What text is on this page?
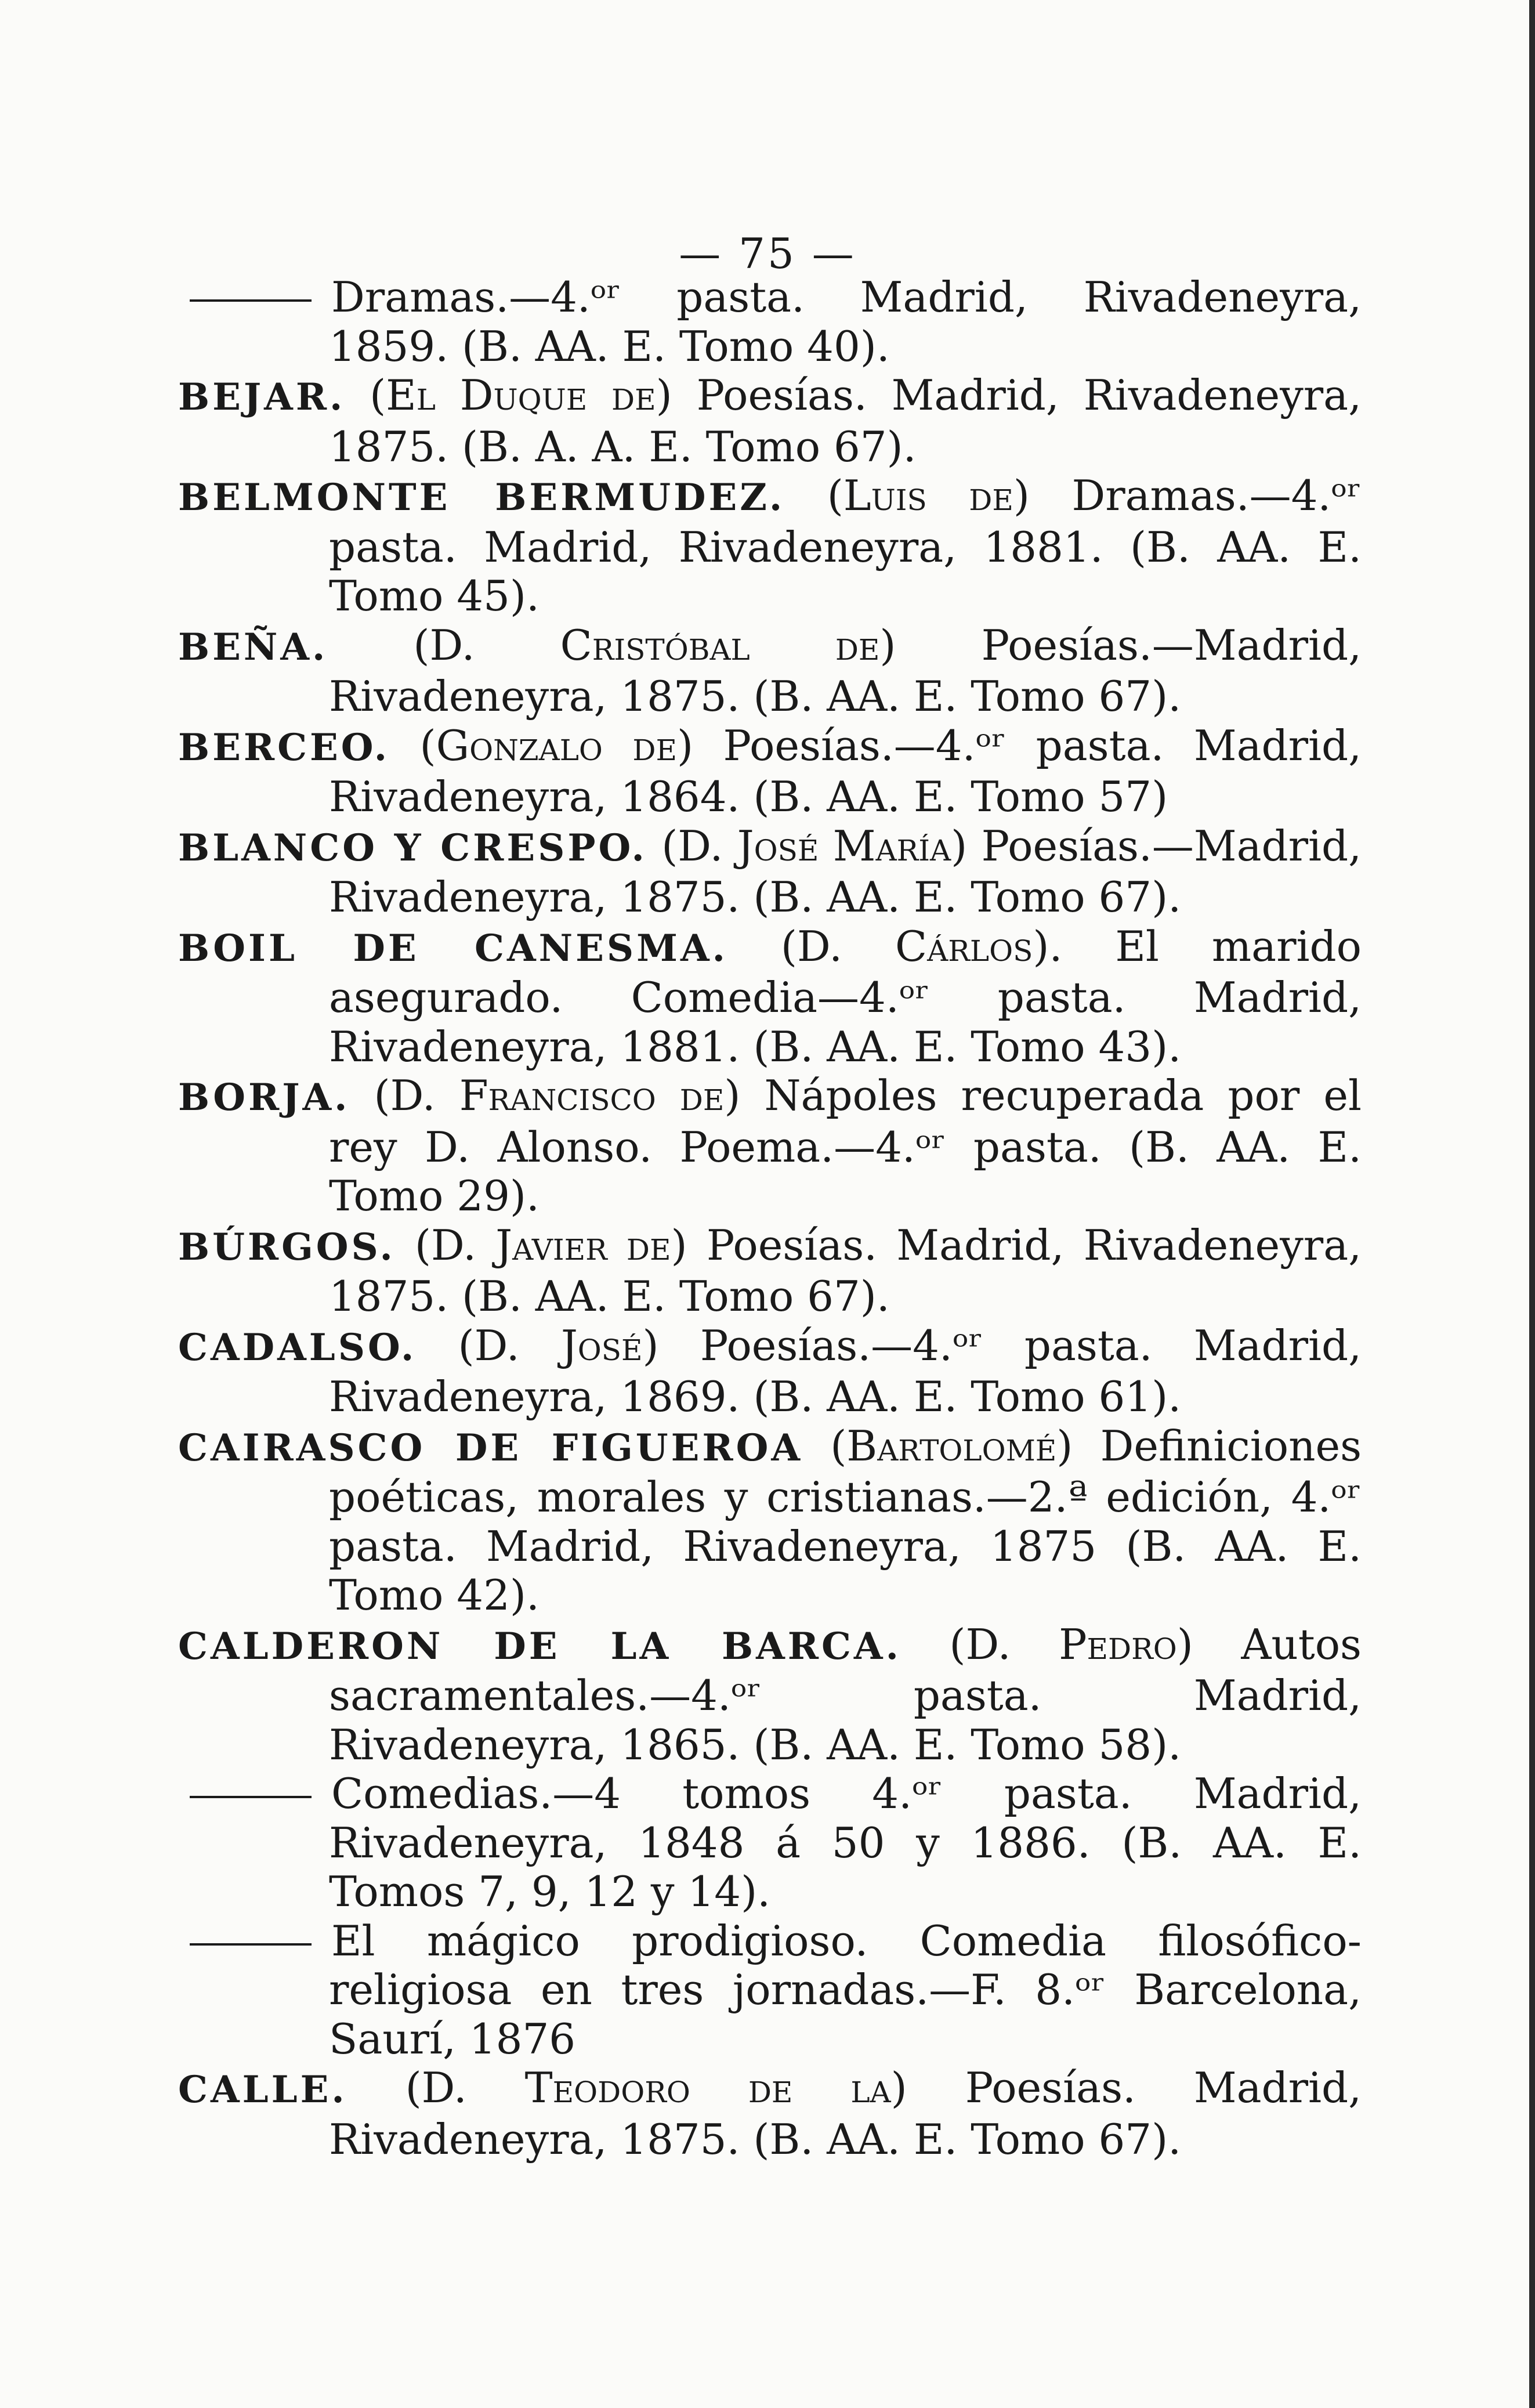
— 75 —

Dramas.—4.ᵒʳ pasta. Madrid, Rivadeneyra, 1859. (B. AA. E. Tomo 40).

BEJAR. (El Duque de) Poesías. Madrid, Rivadeneyra, 1875. (B. A. A. E. Tomo 67).

BELMONTE BERMUDEZ. (Luis de) Dramas.—4.ᵒʳ pasta. Madrid, Rivadeneyra, 1881. (B. AA. E. Tomo 45).

BEÑA. (D. Cristóbal de) Poesías.—Madrid, Rivadeneyra, 1875. (B. AA. E. Tomo 67).

BERCEO. (Gonzalo de) Poesías.—4.ᵒʳ pasta. Madrid, Rivadeneyra, 1864. (B. AA. E. Tomo 57)

BLANCO Y CRESPO. (D. José María) Poesías.—Madrid, Rivadeneyra, 1875. (B. AA. E. Tomo 67).

BOIL DE CANESMA. (D. Cárlos). El marido asegurado. Comedia—4.ᵒʳ pasta. Madrid, Rivadeneyra, 1881. (B. AA. E. Tomo 43).

BORJA. (D. Francisco de) Nápoles recuperada por el rey D. Alonso. Poema.—4.ᵒʳ pasta. (B. AA. E. Tomo 29).

BÚRGOS. (D. Javier de) Poesías. Madrid, Rivadeneyra, 1875. (B. AA. E. Tomo 67).

CADALSO. (D. José) Poesías.—4.ᵒʳ pasta. Madrid, Rivadeneyra, 1869. (B. AA. E. Tomo 61).

CAIRASCO DE FIGUEROA (Bartolomé) Definiciones poéticas, morales y cristianas.—2.ª edición, 4.ᵒʳ pasta. Madrid, Rivadeneyra, 1875 (B. AA. E. Tomo 42).

CALDERON DE LA BARCA. (D. Pedro) Autos sacramentales.—4.ᵒʳ pasta. Madrid, Rivadeneyra, 1865. (B. AA. E. Tomo 58).

Comedias.—4 tomos 4.ᵒʳ pasta. Madrid, Rivadeneyra, 1848 á 50 y 1886. (B. AA. E. Tomos 7, 9, 12 y 14).

El mágico prodigioso. Comedia filosófico-religiosa en tres jornadas.—F. 8.ᵒʳ Barcelona, Saurí, 1876

CALLE. (D. Teodoro de la) Poesías. Madrid, Rivadeneyra, 1875. (B. AA. E. Tomo 67).
